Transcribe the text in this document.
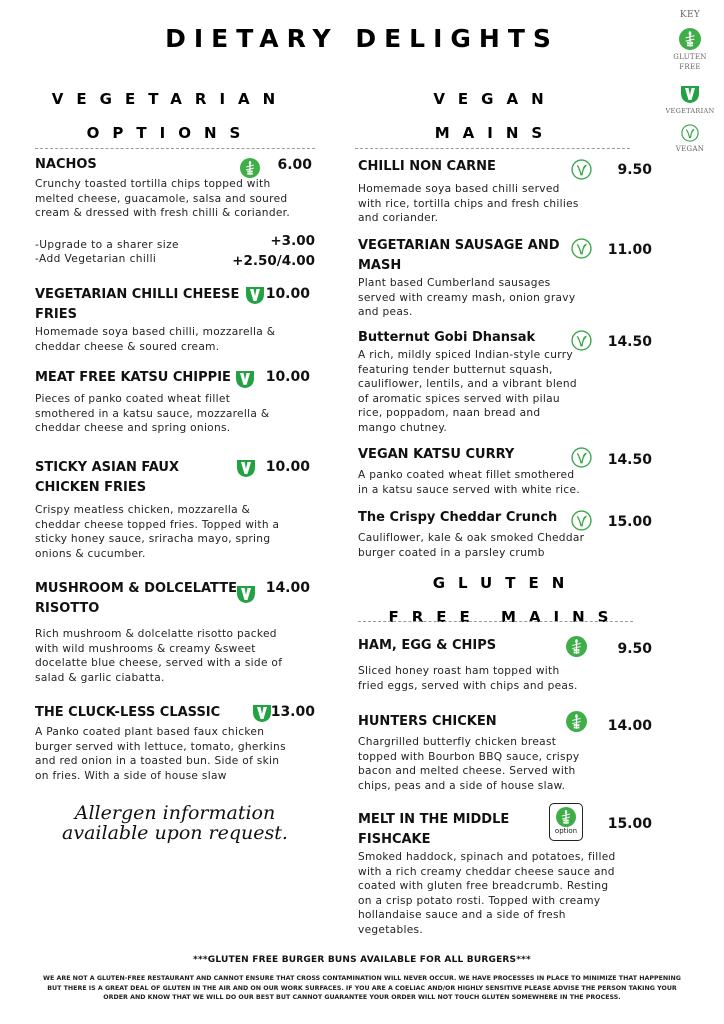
DIETARY DELIGHTS
KEY
GLUTEN
FREE
VEGETARIAN
VEGAN
VEGETARIAN
OPTIONS
VEGAN
MAINS
NACHOS
Crunchy toasted tortilla chips topped with
melted cheese, guacamole, salsa and soured
cream & dressed with fresh chilli & coriander.
6.00
-Upgrade to a sharer size	+3.00
-Add Vegetarian chilli	+2.50/4.00
VEGETARIAN CHILLI CHEESE
FRIES
Homemade soya based chilli, mozzarella &
cheddar cheese & soured cream.
10.00
MEAT FREE KATSU CHIPPIE
Pieces of panko coated wheat fillet
smothered in a katsu sauce, mozzarella &
cheddar cheese and spring onions.
10.00
STICKY ASIAN FAUX
CHICKEN FRIES
Crispy meatless chicken, mozzarella &
cheddar cheese topped fries. Topped with a
sticky honey sauce, sriracha mayo, spring
onions & cucumber.
10.00
MUSHROOM & DOLCELATTE
RISOTTO
Rich mushroom & dolcelatte risotto packed
with wild mushrooms & creamy &sweet
docelatte blue cheese, served with a side of
salad & garlic ciabatta.
14.00
THE CLUCK-LESS CLASSIC
A Panko coated plant based faux chicken
burger served with lettuce, tomato, gherkins
and red onion in a toasted bun. Side of skin
on fries. With a side of house slaw
13.00
Allergen information
available upon request.
CHILLI NON CARNE
Homemade soya based chilli served
with rice, tortilla chips and fresh chilies
and coriander.
9.50
VEGETARIAN SAUSAGE AND
MASH
Plant based Cumberland sausages
served with creamy mash, onion gravy
and peas.
11.00
Butternut Gobi Dhansak
A rich, mildly spiced Indian-style curry
featuring tender butternut squash,
cauliflower, lentils, and a vibrant blend
of aromatic spices served with pilau
rice, poppadom, naan bread and
mango chutney.
14.50
VEGAN KATSU CURRY
A panko coated wheat fillet smothered
in a katsu sauce served with white rice.
14.50
The Crispy Cheddar Crunch
Cauliflower, kale & oak smoked Cheddar
burger coated in a parsley crumb
15.00
GLUTEN
FREE MAINS
HAM, EGG & CHIPS
Sliced honey roast ham topped with
fried eggs, served with chips and peas.
9.50
HUNTERS CHICKEN
Chargrilled butterfly chicken breast
topped with Bourbon BBQ sauce, crispy
bacon and melted cheese. Served with
chips, peas and a side of house slaw.
14.00
MELT IN THE MIDDLE
FISHCAKE
Smoked haddock, spinach and potatoes, filled
with a rich creamy cheddar cheese sauce and
coated with gluten free breadcrumb. Resting
on a crisp potato rosti. Topped with creamy
hollandaise sauce and a side of fresh
vegetables.
option	15.00
***GLUTEN FREE BURGER BUNS AVAILABLE FOR ALL BURGERS***
WE ARE NOT A GLUTEN-FREE RESTAURANT AND CANNOT ENSURE THAT CROSS CONTAMINATION WILL NEVER OCCUR. WE HAVE PROCESSES IN PLACE TO MINIMIZE THAT HAPPENING
BUT THERE IS A GREAT DEAL OF GLUTEN IN THE AIR AND ON OUR WORK SURFACES. IF YOU ARE A COELIAC AND/OR HIGHLY SENSITIVE PLEASE ADVISE THE PERSON TAKING YOUR
ORDER AND KNOW THAT WE WILL DO OUR BEST BUT CANNOT GUARANTEE YOUR ORDER WILL NOT TOUCH GLUTEN SOMEWHERE IN THE PROCESS.
